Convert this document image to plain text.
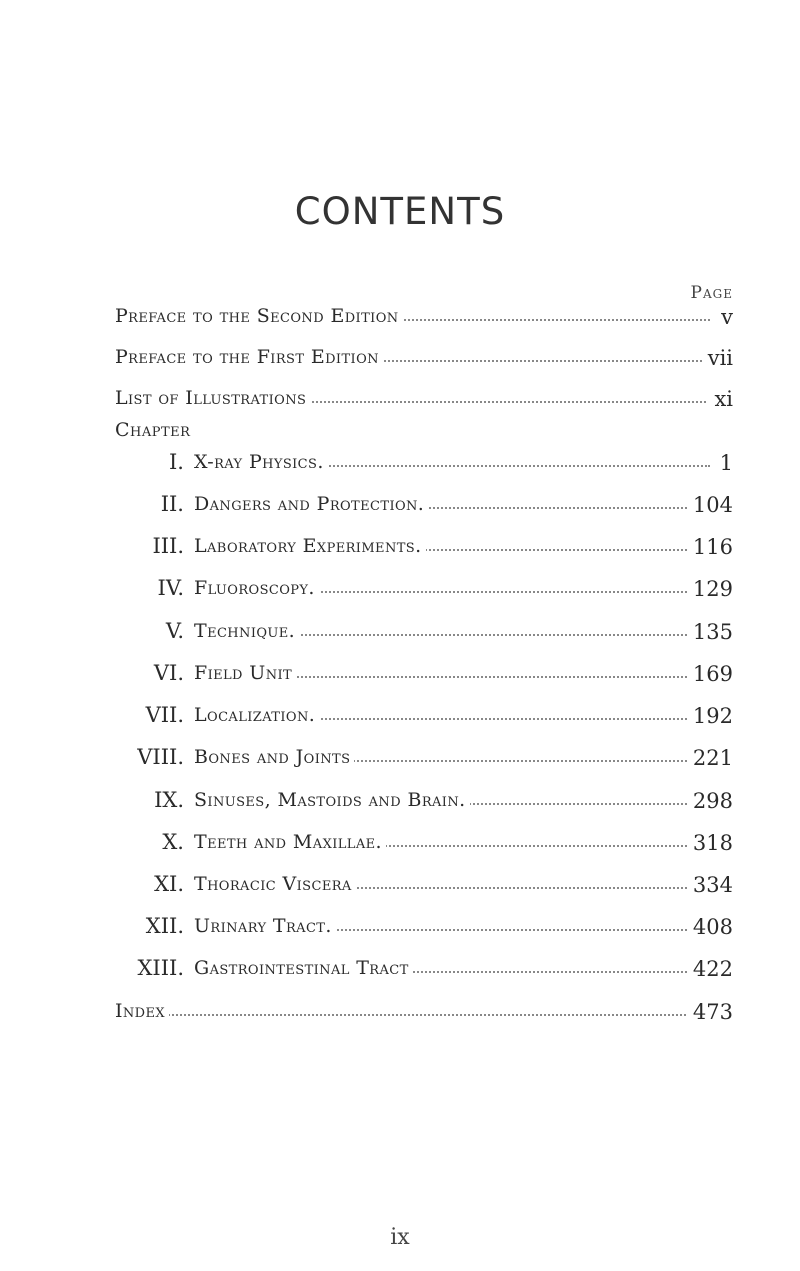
CONTENTS
Page
Preface to the Second Edition	v
Preface to the First Edition	vii
List of Illustrations	xi
Chapter
I. X-ray Physics.	1
II. Dangers and Protection.	104
III. Laboratory Experiments.	116
IV. Fluoroscopy.	129
V. Technique.	135
VI. Field Unit	169
VII. Localization.	192
VIII. Bones and Joints	221
IX. Sinuses, Mastoids and Brain.	298
X. Teeth and Maxillae.	318
XI. Thoracic Viscera	334
XII. Urinary Tract.	408
XIII. Gastrointestinal Tract	422
Index	473
ix
